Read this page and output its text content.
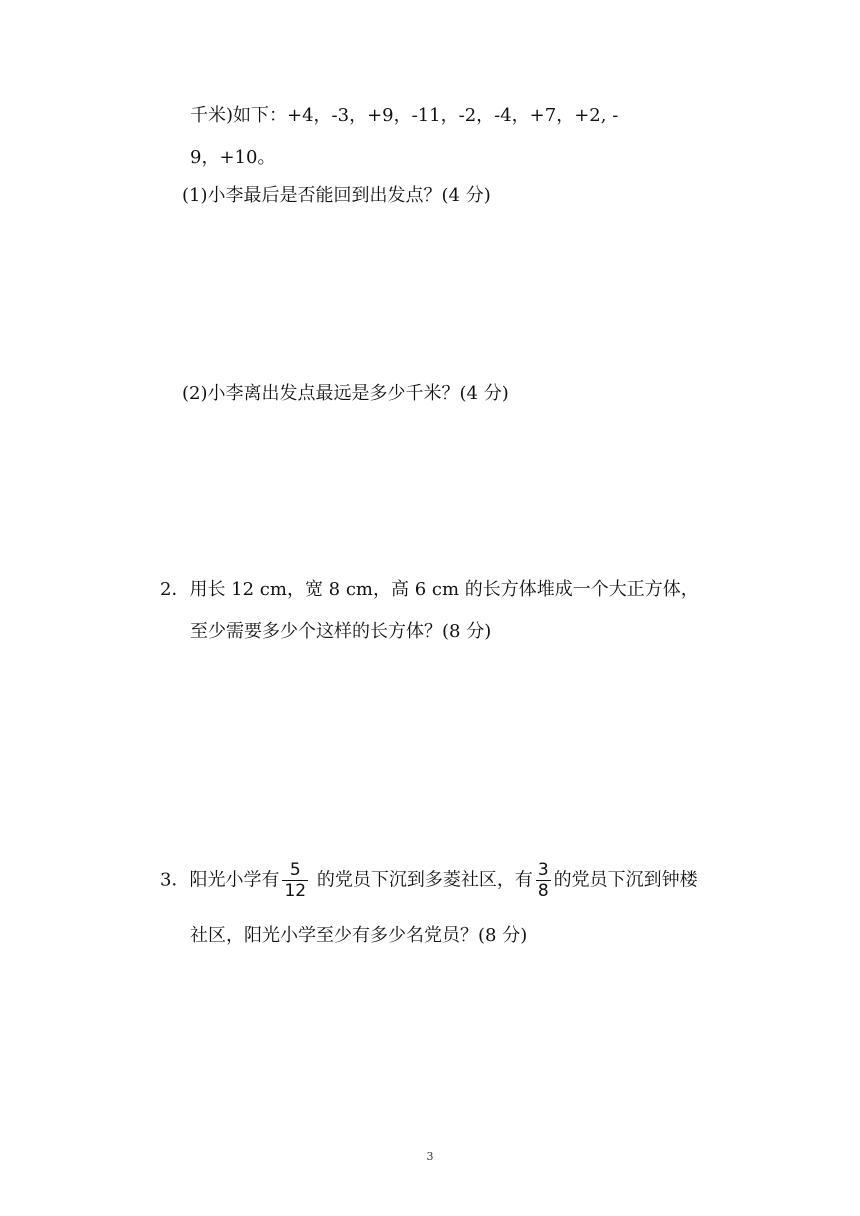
千米)如下：+4，-3，+9，-11，-2，-4，+7，+2, -
9，+10。
(1)小李最后是否能回到出发点？(4 分)
(2)小李离出发点最远是多少千米？(4 分)
2．用长 12 cm，宽 8 cm，高 6 cm 的长方体堆成一个大正方体，
至少需要多少个这样的长方体？(8 分)
3．阳光小学有 $\frac{5}{12}$ 的党员下沉到多菱社区，有 $\frac{3}{8}$ 的党员下沉到钟楼
社区，阳光小学至少有多少名党员？(8 分)
3
